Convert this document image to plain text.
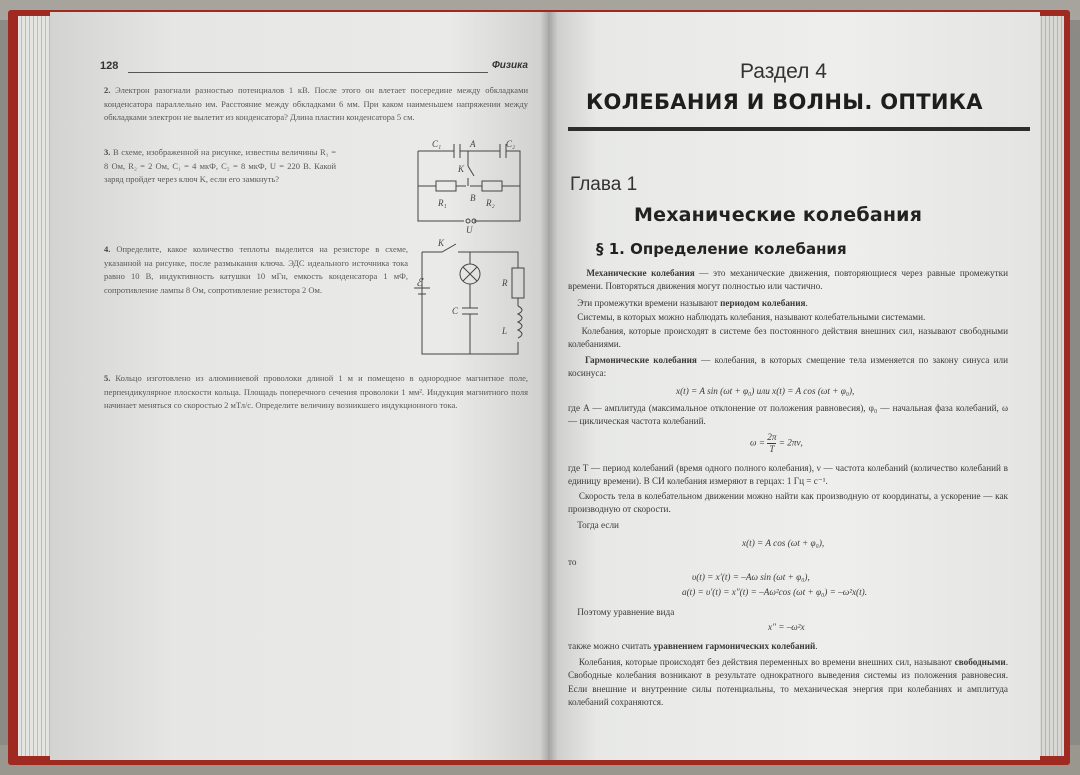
128	Физика
2. Электрон разогнали разностью потенциалов 1 кВ. После этого он влетает посередине между обкладками конденсатора параллельно им. Расстояние между обкладками 6 мм. При каком наименьшем напряжении между обкладками электрон не вылетит из конденсатора? Длина пластин конденсатора 5 см.
3. В схеме, изображенной на рисунке, известны величины R₁ = 8 Ом, R₂ = 2 Ом, C₁ = 4 мкФ, C₂ = 8 мкФ, U = 220 В. Какой заряд пройдет через ключ K, если его замкнуть?
C₁	A	C₂
K
R₁	B R₂
U
4. Определите, какое количество теплоты выделится на резисторе в схеме, указанной на рисунке, после размыкания ключа. ЭДС идеального источника тока равно 10 В, индуктивность катушки 10 мГн, емкость конденсатора 1 мФ, сопротивление лампы 8 Ом, сопротивление резистора 2 Ом.
K
ℰ
C
R
L
5. Кольцо изготовлено из алюминиевой проволоки длиной 1 м и помещено в однородное магнитное поле, перпендикулярное плоскости кольца. Площадь поперечного сечения проволоки 1 мм². Индукция магнитного поля начинает меняться со скоростью 2 мТл/с. Определите величину возникшего индукционного тока.
Раздел 4
КОЛЕБАНИЯ И ВОЛНЫ. ОПТИКА
Глава 1
Механические колебания
§ 1. Определение колебания
Механические колебания — это механические движения, повторяющиеся через равные промежутки времени. Повторяться движения могут полностью или частично.
Эти промежутки времени называют периодом колебания.
Системы, в которых можно наблюдать колебания, называют колебательными системами.
Колебания, которые происходят в системе без постоянного действия внешних сил, называют свободными колебаниями.
Гармонические колебания — колебания, в которых смещение тела изменяется по закону синуса или косинуса:
x(t) = A sin (ωt + φ₀) или x(t) = A cos (ωt + φ₀),
где A — амплитуда (максимальное отклонение от положения равновесия), φ₀ — начальная фаза колебаний, ω — циклическая частота колебаний.
$\omega = \frac{2\pi}{T} = 2\pi\nu$,
где T — период колебаний (время одного полного колебания), ν — частота колебаний (количество колебаний в единицу времени). В СИ колебания измеряют в герцах: 1 Гц = c⁻¹.
Скорость тела в колебательном движении можно найти как производную от координаты, а ускорение — как производную от скорости.
Тогда если
x(t) = A cos (ωt + φ₀),
то
υ(t) = x′(t) = –Aω sin (ωt + φ₀),
a(t) = υ′(t) = x″(t) = –Aω²cos (ωt + φ₀) = –ω²x(t).
Поэтому уравнение вида
x″ = –ω²x
также можно считать уравнением гармонических колебаний.
Колебания, которые происходят без действия переменных во времени внешних сил, называют свободными. Свободные колебания возникают в результате однократного выведения системы из положения равновесия. Если внешние и внутренние силы потенциальны, то механическая энергия при колебаниях и амплитуда колебаний сохраняются.
